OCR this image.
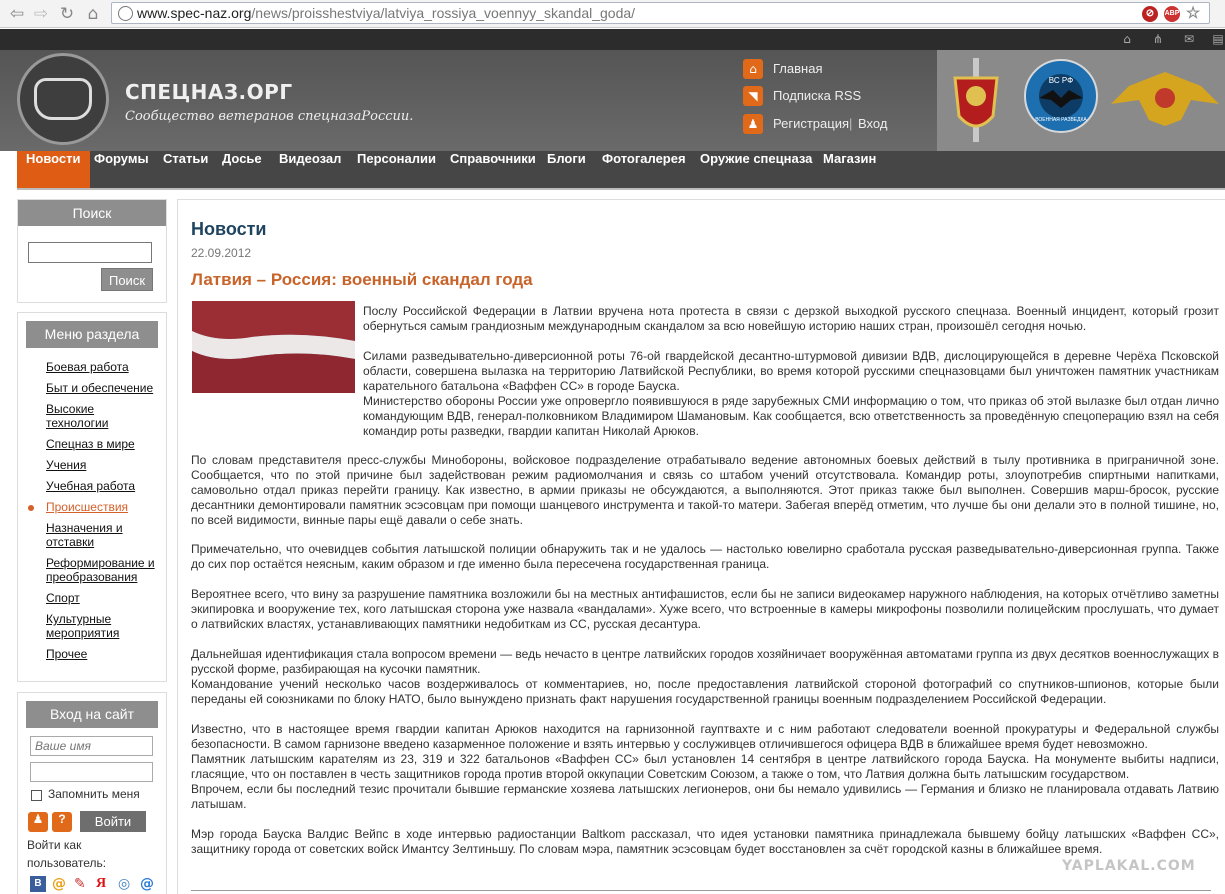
⇦ ⇨ ↻ ⌂	www.spec-naz.org/news/proisshestviya/latviya_rossiya_voennyy_skandal_goda/	⊘	ABP ☆
⌂ ⋔ ✉ ▤
СПЕЦНАЗ.ОРГ
Сообщество ветеранов спецназаРоссии.
⌂	Главная
◥	Подписка RSS
♟	Регистрация | Вход
ВС РФ
ВОЕННАЯ РАЗВЕДКА
Новости	Форумы Статьи Досье Видеозал Персоналии Справочники Блоги Фотогалерея Оружие спецназа Магазин
Поиск
Поиск
Меню раздела
Боевая работа
Быт и обеспечение
Высокие технологии
Спецназ в мире
Учения
Учебная работа
Происшествия
Назначения и отставки
Реформирование и преобразования
Спорт
Культурные мероприятия
Прочее
Вход на сайт
Ваше имя
Запомнить меня
♟	?	Войти
Войти как пользователь:
В @ ✎ Я ◎ @
Новости
22.09.2012
Латвия – Россия: военный скандал года
Послу Российской Федерации в Латвии вручена нота протеста в связи с дерзкой выходкой русского спецназа. Военный инцидент, который грозит обернуться самым грандиозным международным скандалом за всю новейшую историю наших стран, произошёл сегодня ночью.
Силами разведывательно-диверсионной роты 76-ой гвардейской десантно-штурмовой дивизии ВДВ, дислоцирующейся в деревне Черёха Псковской области, совершена вылазка на территорию Латвийской Республики, во время которой русскими спецназовцами был уничтожен памятник участникам карательного батальона «Ваффен СС» в городе Бауска.
Министерство обороны России уже опровергло появившуюся в ряде зарубежных СМИ информацию о том, что приказ об этой вылазке был отдан лично командующим ВДВ, генерал-полковником Владимиром Шамановым. Как сообщается, всю ответственность за проведённую спецоперацию взял на себя командир роты разведки, гвардии капитан Николай Арюков.
По словам представителя пресс-службы Минобороны, войсковое подразделение отрабатывало ведение автономных боевых действий в тылу противника в приграничной зоне. Сообщается, что по этой причине был задействован режим радиомолчания и связь со штабом учений отсутствовала. Командир роты, злоупотребив спиртными напитками, самовольно отдал приказ перейти границу. Как известно, в армии приказы не обсуждаются, а выполняются. Этот приказ также был выполнен. Совершив марш-бросок, русские десантники демонтировали памятник эсэсовцам при помощи шанцевого инструмента и такой-то матери. Забегая вперёд отметим, что лучше бы они делали это в полной тишине, но, по всей видимости, винные пары ещё давали о себе знать.
Примечательно, что очевидцев события латышской полиции обнаружить так и не удалось — настолько ювелирно сработала русская разведывательно-диверсионная группа. Также до сих пор остаётся неясным, каким образом и где именно была пересечена государственная граница.
Вероятнее всего, что вину за разрушение памятника возложили бы на местных антифашистов, если бы не записи видеокамер наружного наблюдения, на которых отчётливо заметны экипировка и вооружение тех, кого латышская сторона уже назвала «вандалами». Хуже всего, что встроенные в камеры микрофоны позволили полицейским прослушать, что думает о латвийских властях, устанавливающих памятники недобиткам из СС, русская десантура.
Дальнейшая идентификация стала вопросом времени — ведь нечасто в центре латвийских городов хозяйничает вооружённая автоматами группа из двух десятков военнослужащих в русской форме, разбирающая на кусочки памятник.
Командование учений несколько часов воздерживалось от комментариев, но, после предоставления латвийской стороной фотографий со спутников-шпионов, которые были переданы ей союзниками по блоку НАТО, было вынуждено признать факт нарушения государственной границы военным подразделением Российской Федерации.
Известно, что в настоящее время гвардии капитан Арюков находится на гарнизонной гауптвахте и с ним работают следователи военной прокуратуры и Федеральной службы безопасности. В самом гарнизоне введено казарменное положение и взять интервью у сослуживцев отличившегося офицера ВДВ в ближайшее время будет невозможно.
Памятник латышским карателям из 23, 319 и 322 батальонов «Ваффен СС» был установлен 14 сентября в центре латвийского города Бауска. На монументе выбиты надписи, гласящие, что он поставлен в честь защитников города против второй оккупации Советским Союзом, а также о том, что Латвия должна быть латышским государством.
Впрочем, если бы последний тезис прочитали бывшие германские хозяева латышских легионеров, они бы немало удивились — Германия и близко не планировала отдавать Латвию латышам.
Мэр города Бауска Валдис Вейпс в ходе интервью радиостанции Baltkom рассказал, что идея установки памятника принадлежала бывшему бойцу латышских «Ваффен СС», защитнику города от советских войск Имантсу Зелтиньшу. По словам мэра, памятник эсэсовцам будет восстановлен за счёт городской казны в ближайшее время.
YAPLAKAL.COM
